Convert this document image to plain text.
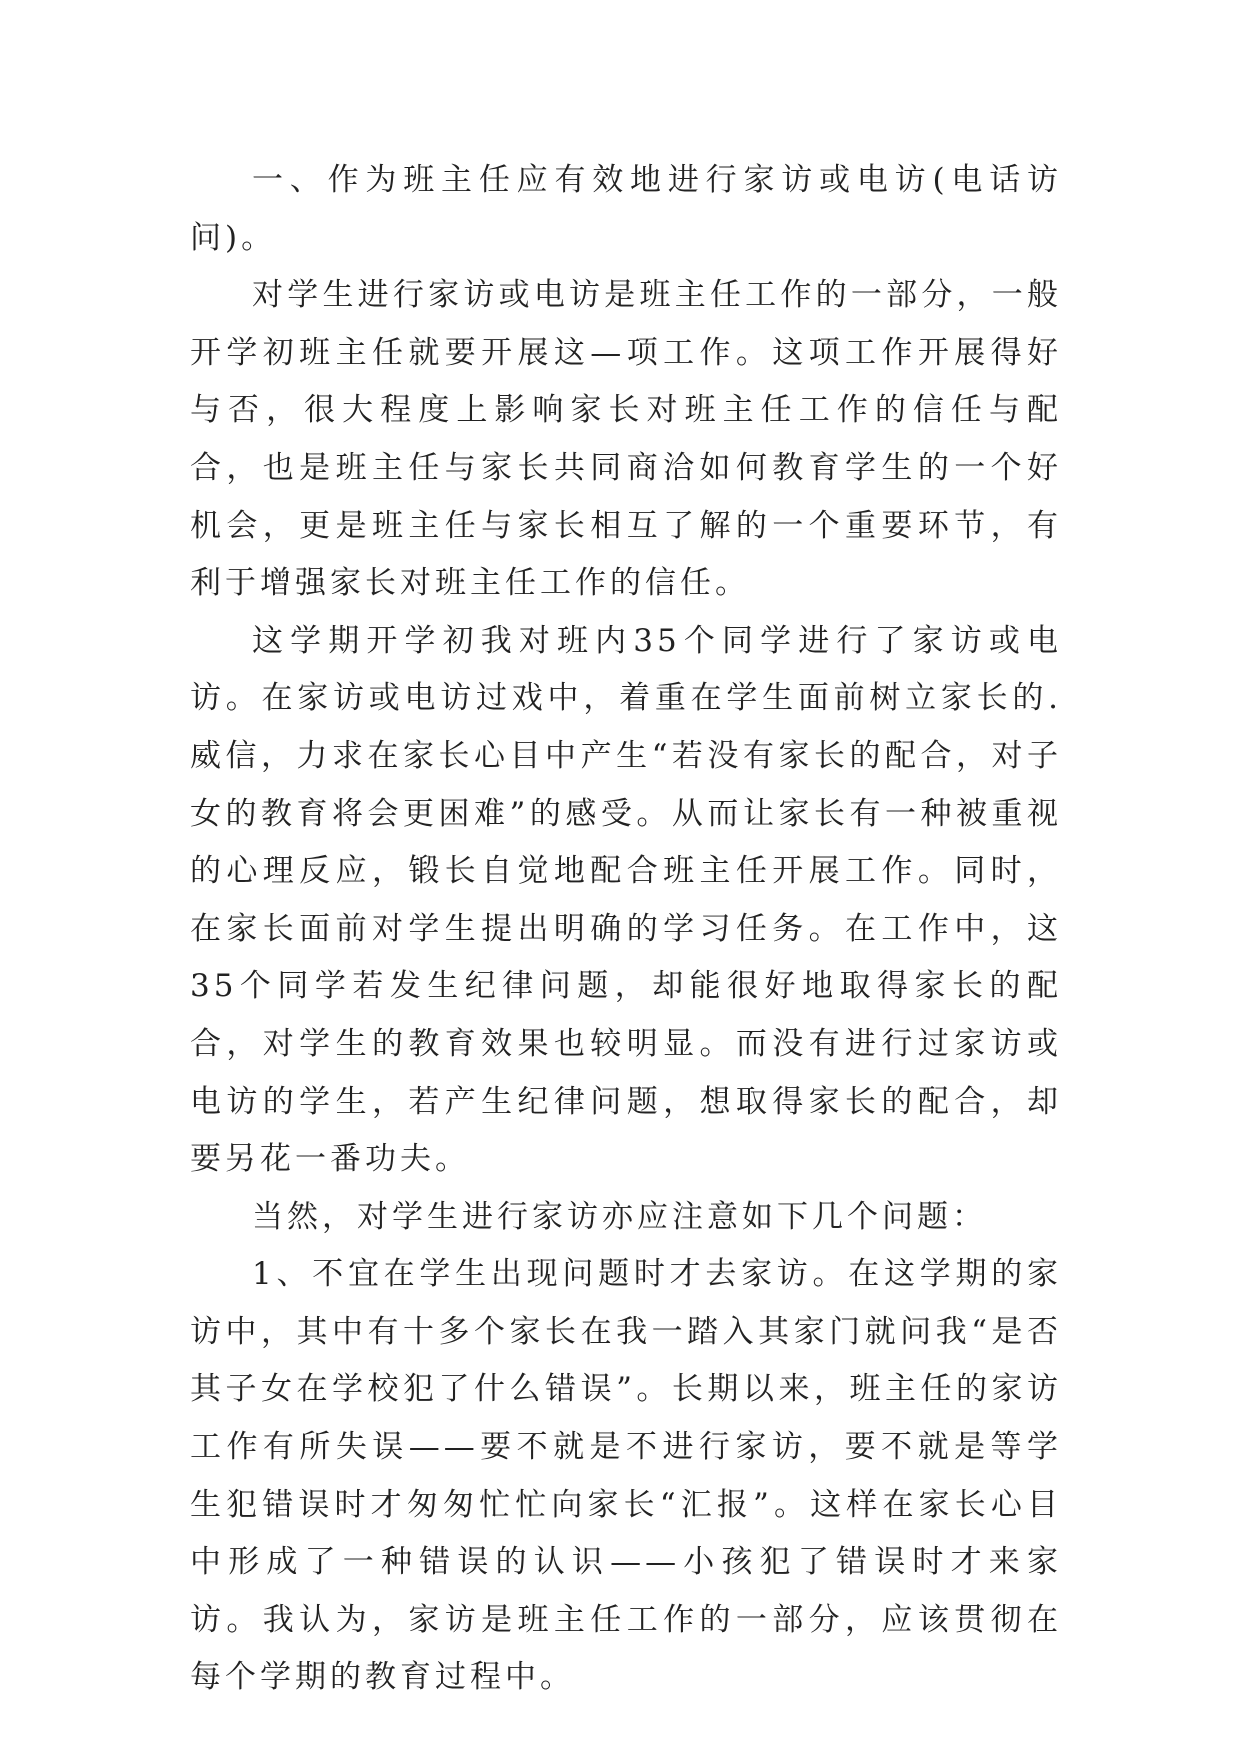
一、作为班主任应有效地进行家访或电访(电话访问)。

对学生进行家访或电访是班主任工作的一部分，一般开学初班主任就要开展这—项工作。这项工作开展得好与否，很大程度上影响家长对班主任工作的信任与配合，也是班主任与家长共同商洽如何教育学生的一个好机会，更是班主任与家长相互了解的一个重要环节，有利于增强家长对班主任工作的信任。

这学期开学初我对班内35个同学进行了家访或电访。在家访或电访过戏中，着重在学生面前树立家长的.威信，力求在家长心目中产生“若没有家长的配合，对子女的教育将会更困难”的感受。从而让家长有一种被重视的心理反应，锻长自觉地配合班主任开展工作。同时，在家长面前对学生提出明确的学习任务。在工作中，这35个同学若发生纪律问题，却能很好地取得家长的配合，对学生的教育效果也较明显。而没有进行过家访或电访的学生，若产生纪律问题，想取得家长的配合，却要另花一番功夫。

当然，对学生进行家访亦应注意如下几个问题：

1、不宜在学生出现问题时才去家访。在这学期的家访中，其中有十多个家长在我一踏入其家门就问我“是否其子女在学校犯了什么错误”。长期以来，班主任的家访工作有所失误——要不就是不进行家访，要不就是等学生犯错误时才匆匆忙忙向家长“汇报”。这样在家长心目中形成了一种错误的认识——小孩犯了错误时才来家访。我认为，家访是班主任工作的一部分，应该贯彻在每个学期的教育过程中。
